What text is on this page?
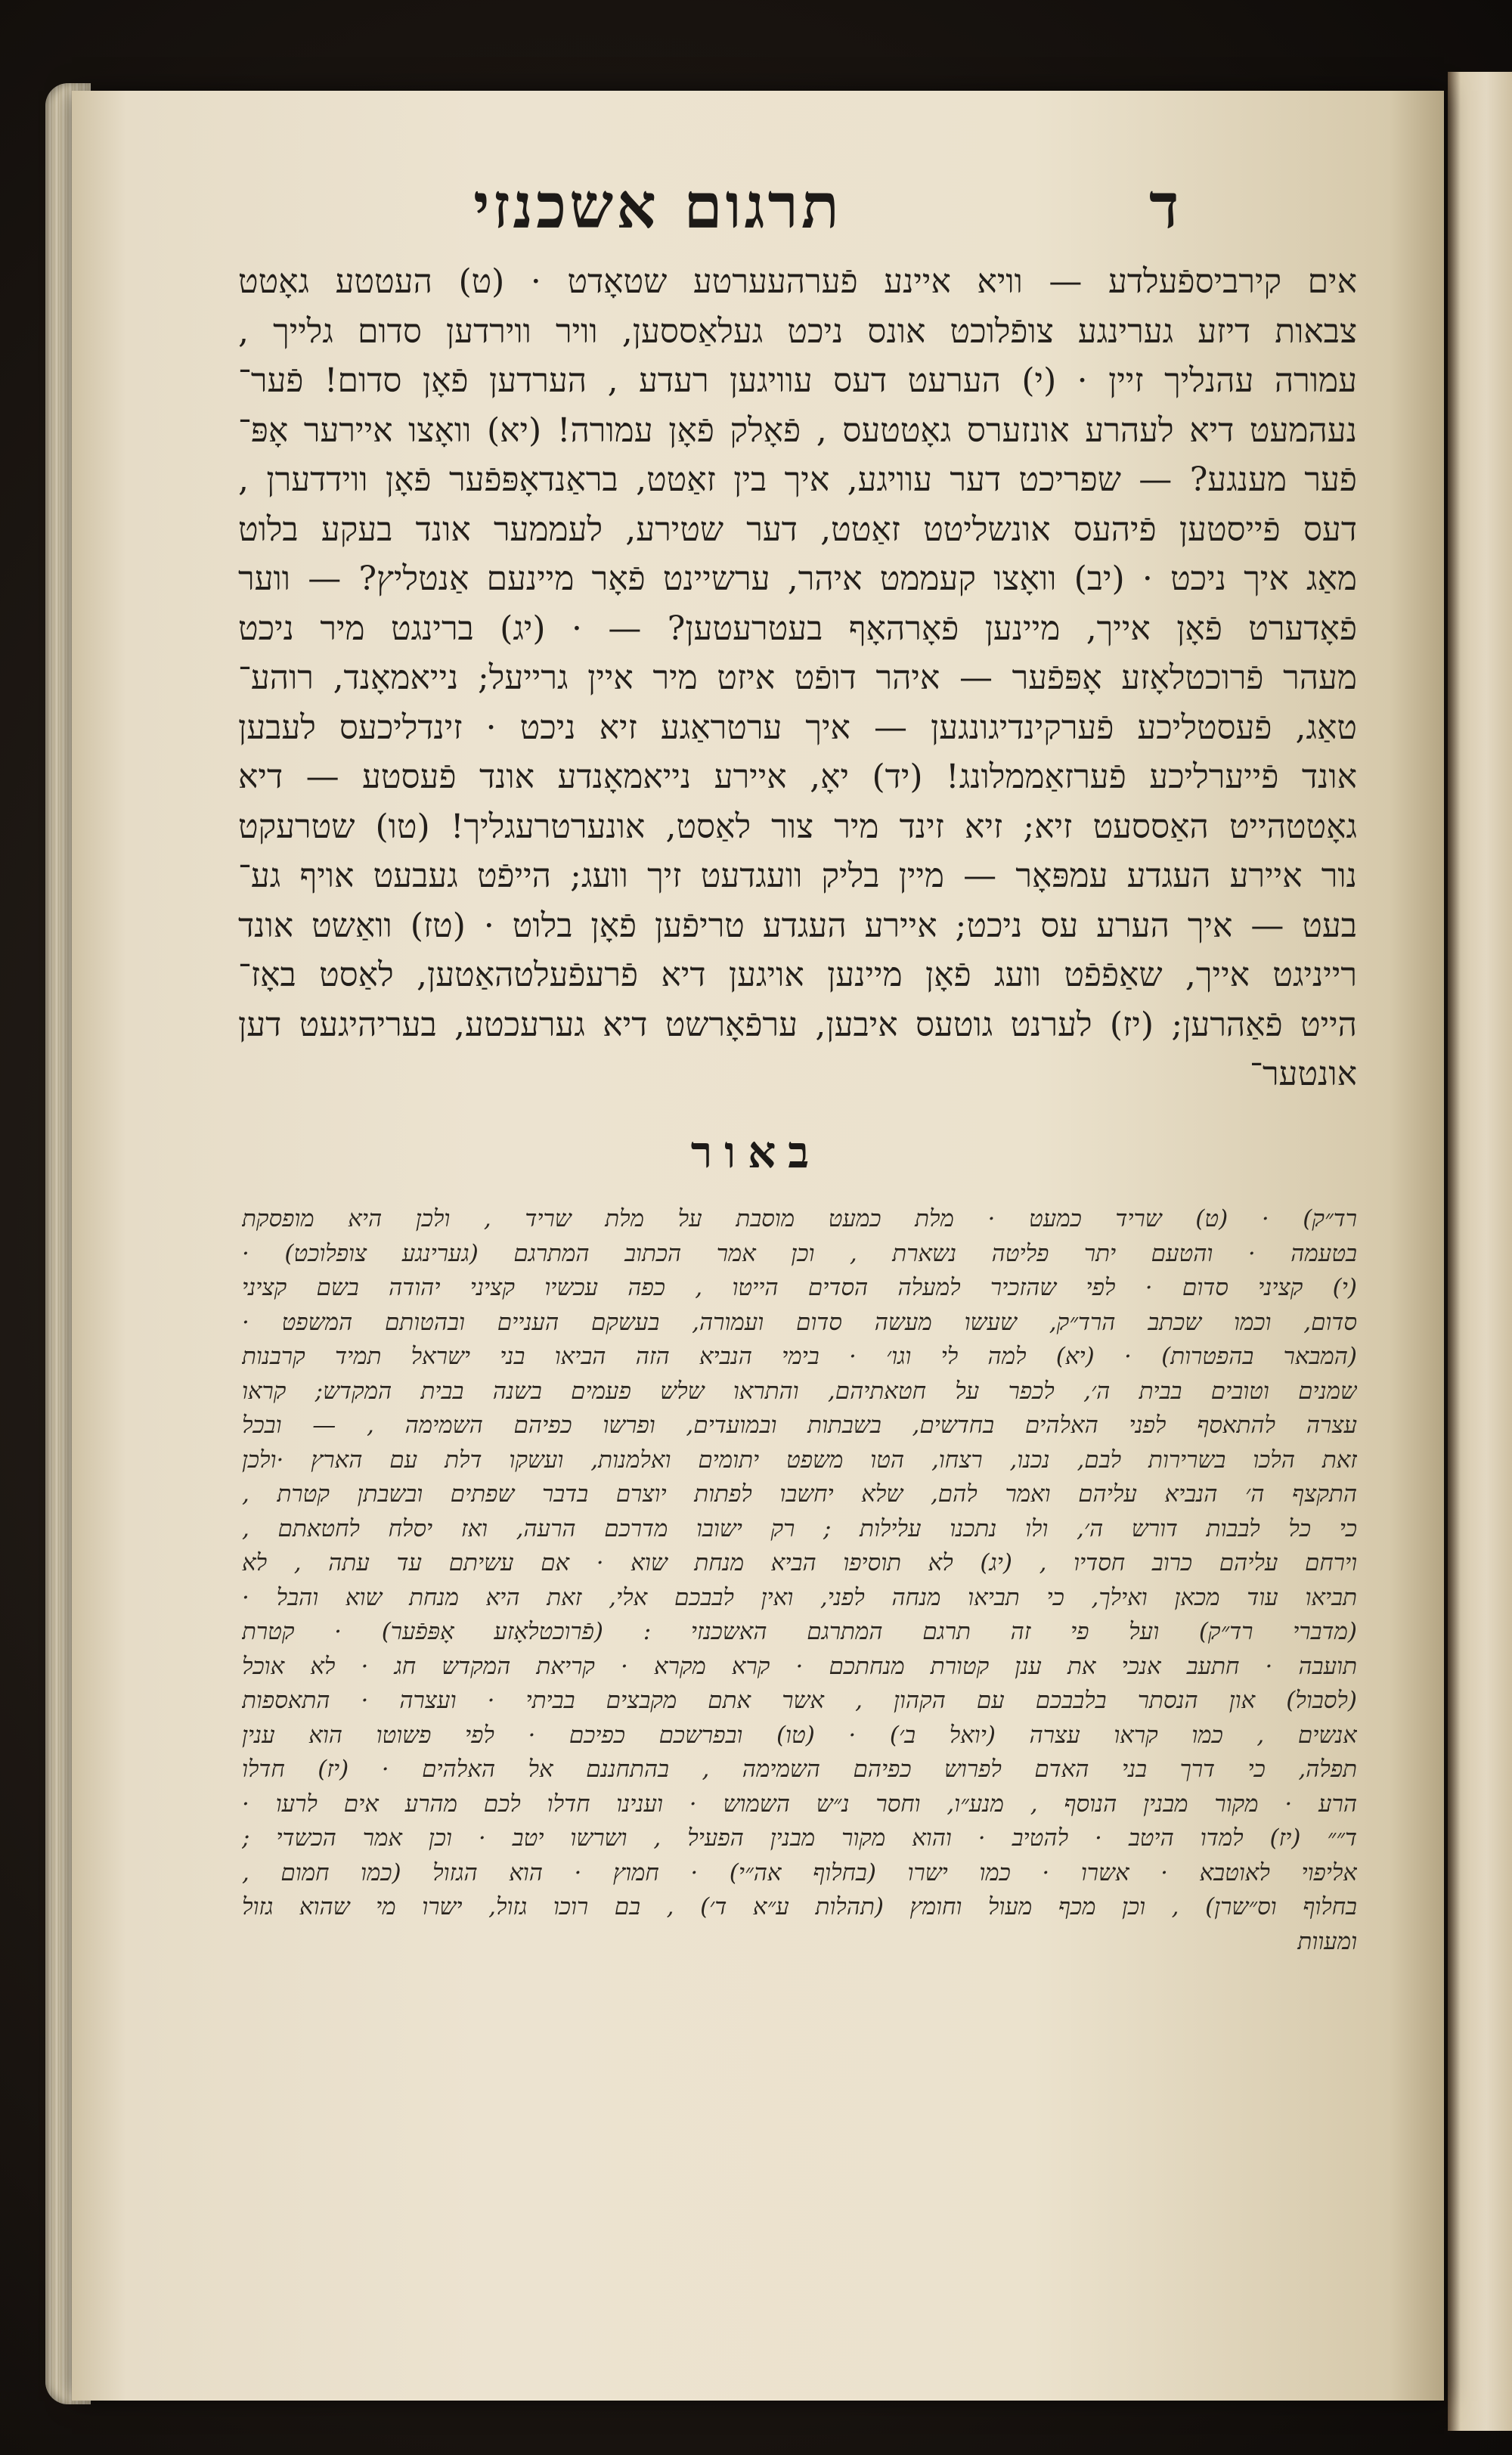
תרגום אשכנזי	ד
אים קירביספֿעלדע — וויא איינע פֿערהעערטע שטאָדט · (ט) העטטע גאָטט
צבאות דיזע גערינגע צופֿלוכט אונס ניכט געלאַססען, וויר ווירדען סדום גלייך ,
עמורה עהנליך זיין · (י) הערעט דעס עוויגען רעדע , הערדען פֿאָן סדום! פֿער־
נעהמעט דיא לעהרע אונזערס גאָטטעס , פֿאָלק פֿאָן עמורה! (יא) וואָצו איירער אָפּ־
פֿער מענגע? — שפריכט דער עוויגע, איך בין זאַטט, בראַנדאָפּפֿער פֿאָן ווידדערן ,
דעס פֿייסטען פֿיהעס אונשליטט זאַטט, דער שטירע, לעממער אונד בעקע בלוט
מאַג איך ניכט · (יב) וואָצו קעממט איהר, ערשיינט פֿאָר מיינעם אַנטליץ? — ווער
פֿאָדערט פֿאָן אייך, מיינען פֿאָרהאָף בעטרעטען? — · (יג) ברינגט מיר ניכט
מעהר פֿרוכטלאָזע אָפּפֿער — איהר דופֿט איזט מיר איין גרייעל; נייאמאָנד, רוהע־
טאַג, פֿעסטליכע פֿערקינדיגונגען — איך ערטראַגע זיא ניכט · זינדליכעס לעבען
אונד פֿייערליכע פֿערזאַממלונג! (יד) יאָ, איירע נייאמאָנדע אונד פֿעסטע — דיא
גאָטטהייט האַססעט זיא; זיא זינד מיר צור לאַסט, אונערטרעגליך! (טו) שטרעקט
נור איירע העגדע עמפּאָר — מיין בליק וועגדעט זיך וועג; הייפֿט געבעט אויף גע־
בעט — איך הערע עס ניכט; איירע העגדע טריפֿען פֿאָן בלוט · (טז) וואַשט אונד
רייניגט אייך, שאַפֿפֿט וועג פֿאָן מיינען אויגען דיא פֿרעפֿעלטהאַטען, לאַסט באָז־
הייט פֿאַהרען; (יז) לערנט גוטעס איבען, ערפֿאָרשט דיא גערעכטע, בעריהיגעט דען
אונטער־
באור
רד״ק) · (ט) שריד כמעט · מלת כמעט מוסבת על מלת שריד , ולכן היא מופסקת
בטעמה · והטעם יתר פליטה נשארת , וכן אמר הכתוב המתרגם (גערינגע צופלוכט) ·
(י) קציני סדום · לפי שהזכיר למעלה הסדים הייטו , כפה עכשיו קציני יהודה בשם קציני
סדום, וכמו שכתב הרד״ק, שעשו מעשה סדום ועמורה, בעשקם העניים ובהטותם המשפט ·
(המבאר בהפטרות) · (יא) למה לי וגו׳ · בימי הנביא הזה הביאו בני ישראל תמיד קרבנות
שמנים וטובים בבית ה׳, לכפר על חטאתיהם, והתראו שלש פעמים בשנה בבית המקדש; קראו
עצרה להתאסף לפני האלהים בחדשים, בשבתות ובמועדים, ופרשו כפיהם השמימה , — ובכל
זאת הלכו בשרירות לבם, נכנו, רצחו, הטו משפט יתומים ואלמנות, ועשקו דלת עם הארץ ·ולכן
התקצף ה׳ הנביא עליהם ואמר להם, שלא יחשבו לפתות יוצרם בדבר שפתים ובשבתן קטרת ,
כי כל לבבות דורש ה׳, ולו נתכנו עלילות ; רק ישובו מדרכם הרעה, ואז יסלח לחטאתם ,
וירחם עליהם כרוב חסדיו , (יג) לא תוסיפו הביא מנחת שוא · אם עשיתם עד עתה , לא
תביאו עוד מכאן ואילך, כי תביאו מנחה לפני, ואין לבבכם אלי, זאת היא מנחת שוא והבל ·
(מדברי רד״ק) ועל פי זה תרגם המתרגם האשכנזי : (פֿרוכטלאָזע אָפּפֿער) · קטרת
תועבה · חתעב אנכי את ענן קטורת מנחתכם · קרא מקרא · קריאת המקדש חג · לא אוכל
(לסבול) און הנסתר בלבבכם עם הקהון , אשר אתם מקבצים בביתי · ועצרה · התאספות
אנשים , כמו קראו עצרה (יואל ב׳) · (טו) ובפרשכם כפיכם · לפי פשוטו הוא ענין
תפלה, כי דרך בני האדם לפרוש כפיהם השמימה , בהתחננם אל האלהים · (יז) חדלו
הרע · מקור מבנין הנוסף , מנע״ו, וחסר נ״ש השמוש · וענינו חדלו לכם מהרע אים לרעו ·
ד״״ (יז) למדו היטב · להטיב · והוא מקור מבנין הפעיל , ושרשו יטב · וכן אמר הכשדי ;
אליפוי לאוטבא · אשרו · כמו ישרו (בחלוף אה״י) · חמוץ · הוא הגזול (כמו חמום ,
בחלוף וס״שרן) , וכן מכף מעול וחומץ (תהלות ע״א ד׳) , בם רוכו גזול, ישרו מי שהוא גזול
ומעוות
